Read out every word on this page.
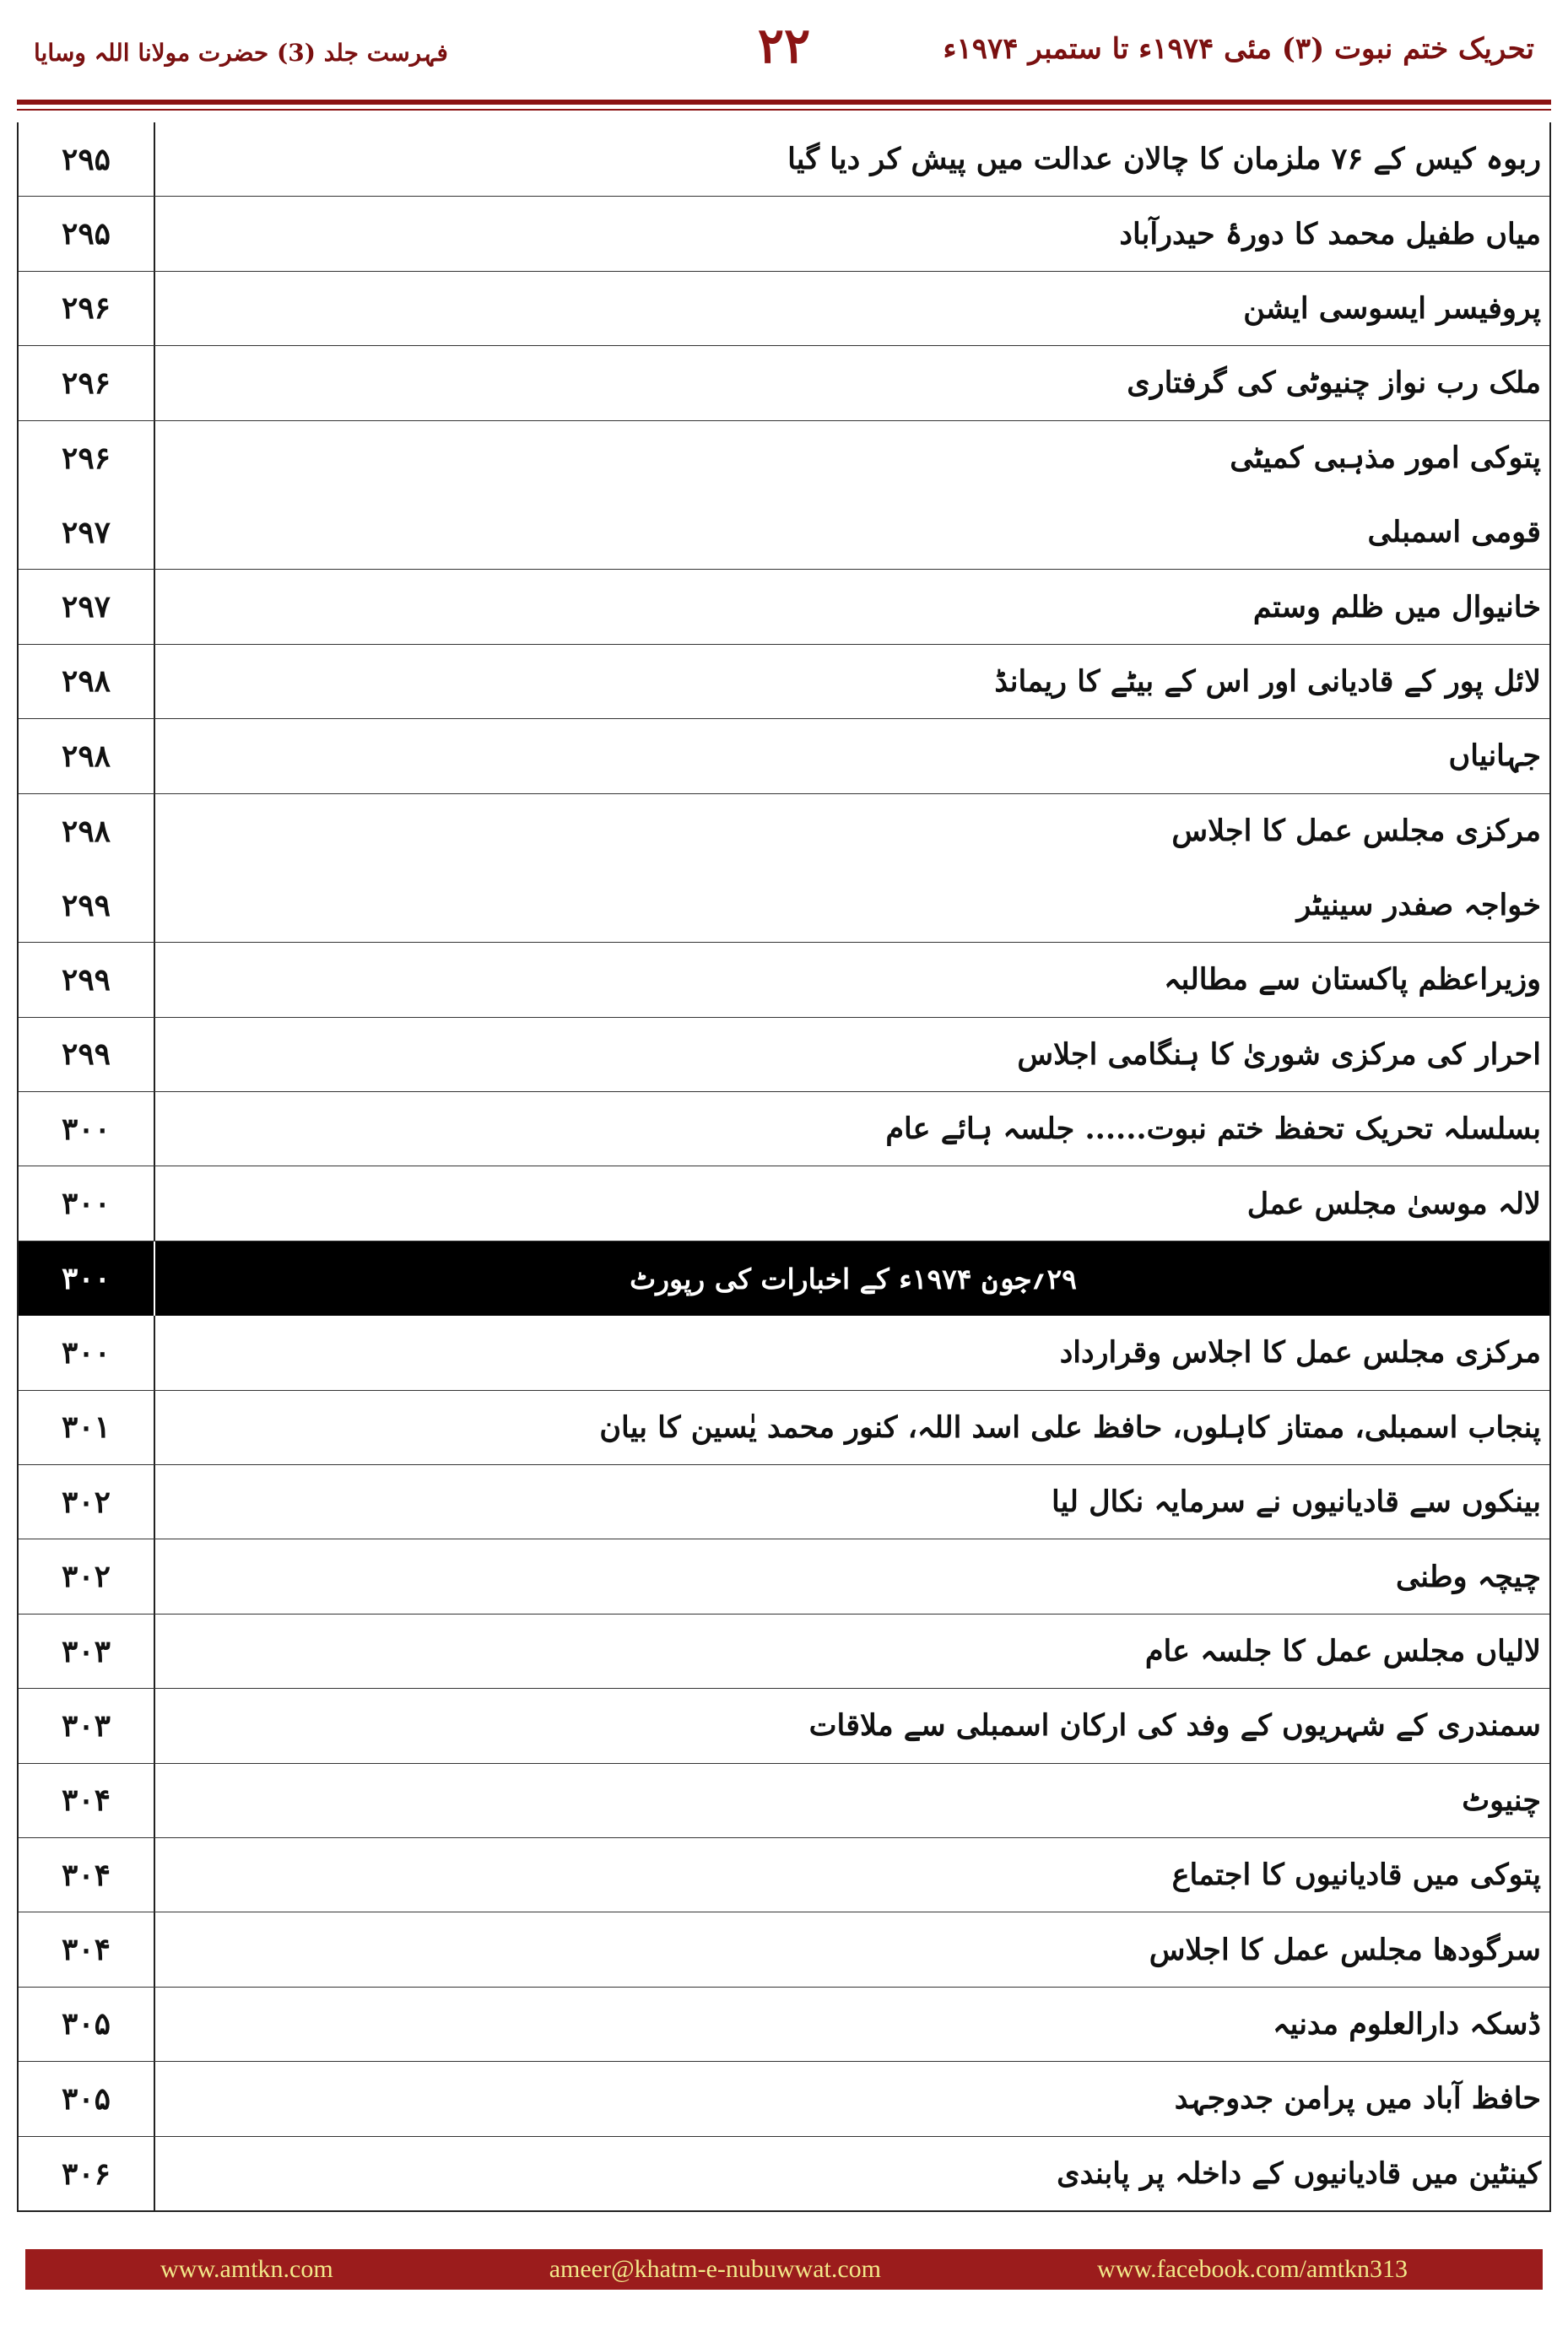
تحریک ختم نبوت (۳) مئی ۱۹۷۴ء تا ستمبر ۱۹۷۴ء
۲۲
فہرست جلد (3) حضرت مولانا اللہ وسایا
۲۹۵	ربوہ کیس کے ۷۶ ملزمان کا چالان عدالت میں پیش کر دیا گیا
۲۹۵	میاں طفیل محمد کا دورۂ حیدرآباد
۲۹۶	پروفیسر ایسوسی ایشن
۲۹۶	ملک رب نواز چنیوٹی کی گرفتاری
۲۹۶	پتوکی امور مذہبی کمیٹی
۲۹۷	قومی اسمبلی
۲۹۷	خانیوال میں ظلم وستم
۲۹۸	لائل پور کے قادیانی اور اس کے بیٹے کا ریمانڈ
۲۹۸	جہانیاں
۲۹۸	مرکزی مجلس عمل کا اجلاس
۲۹۹	خواجہ صفدر سینیٹر
۲۹۹	وزیراعظم پاکستان سے مطالبہ
۲۹۹	احرار کی مرکزی شوریٰ کا ہنگامی اجلاس
۳۰۰	بسلسلہ تحریک تحفظ ختم نبوت...... جلسہ ہائے عام
۳۰۰	لالہ موسیٰ مجلس عمل
۳۰۰	۲۹؍جون ۱۹۷۴ء کے اخبارات کی رپورٹ
۳۰۰	مرکزی مجلس عمل کا اجلاس وقرارداد
۳۰۱	پنجاب اسمبلی، ممتاز کاہلوں، حافظ علی اسد اللہ، کنور محمد یٰسین کا بیان
۳۰۲	بینکوں سے قادیانیوں نے سرمایہ نکال لیا
۳۰۲	چیچہ وطنی
۳۰۳	لالیاں مجلس عمل کا جلسہ عام
۳۰۳	سمندری کے شہریوں کے وفد کی ارکان اسمبلی سے ملاقات
۳۰۴	چنیوٹ
۳۰۴	پتوکی میں قادیانیوں کا اجتماع
۳۰۴	سرگودھا مجلس عمل کا اجلاس
۳۰۵	ڈسکہ دارالعلوم مدنیہ
۳۰۵	حافظ آباد میں پرامن جدوجہد
۳۰۶	کینٹین میں قادیانیوں کے داخلہ پر پابندی
www.amtkn.com	ameer@khatm-e-nubuwwat.com	www.facebook.com/amtkn313
